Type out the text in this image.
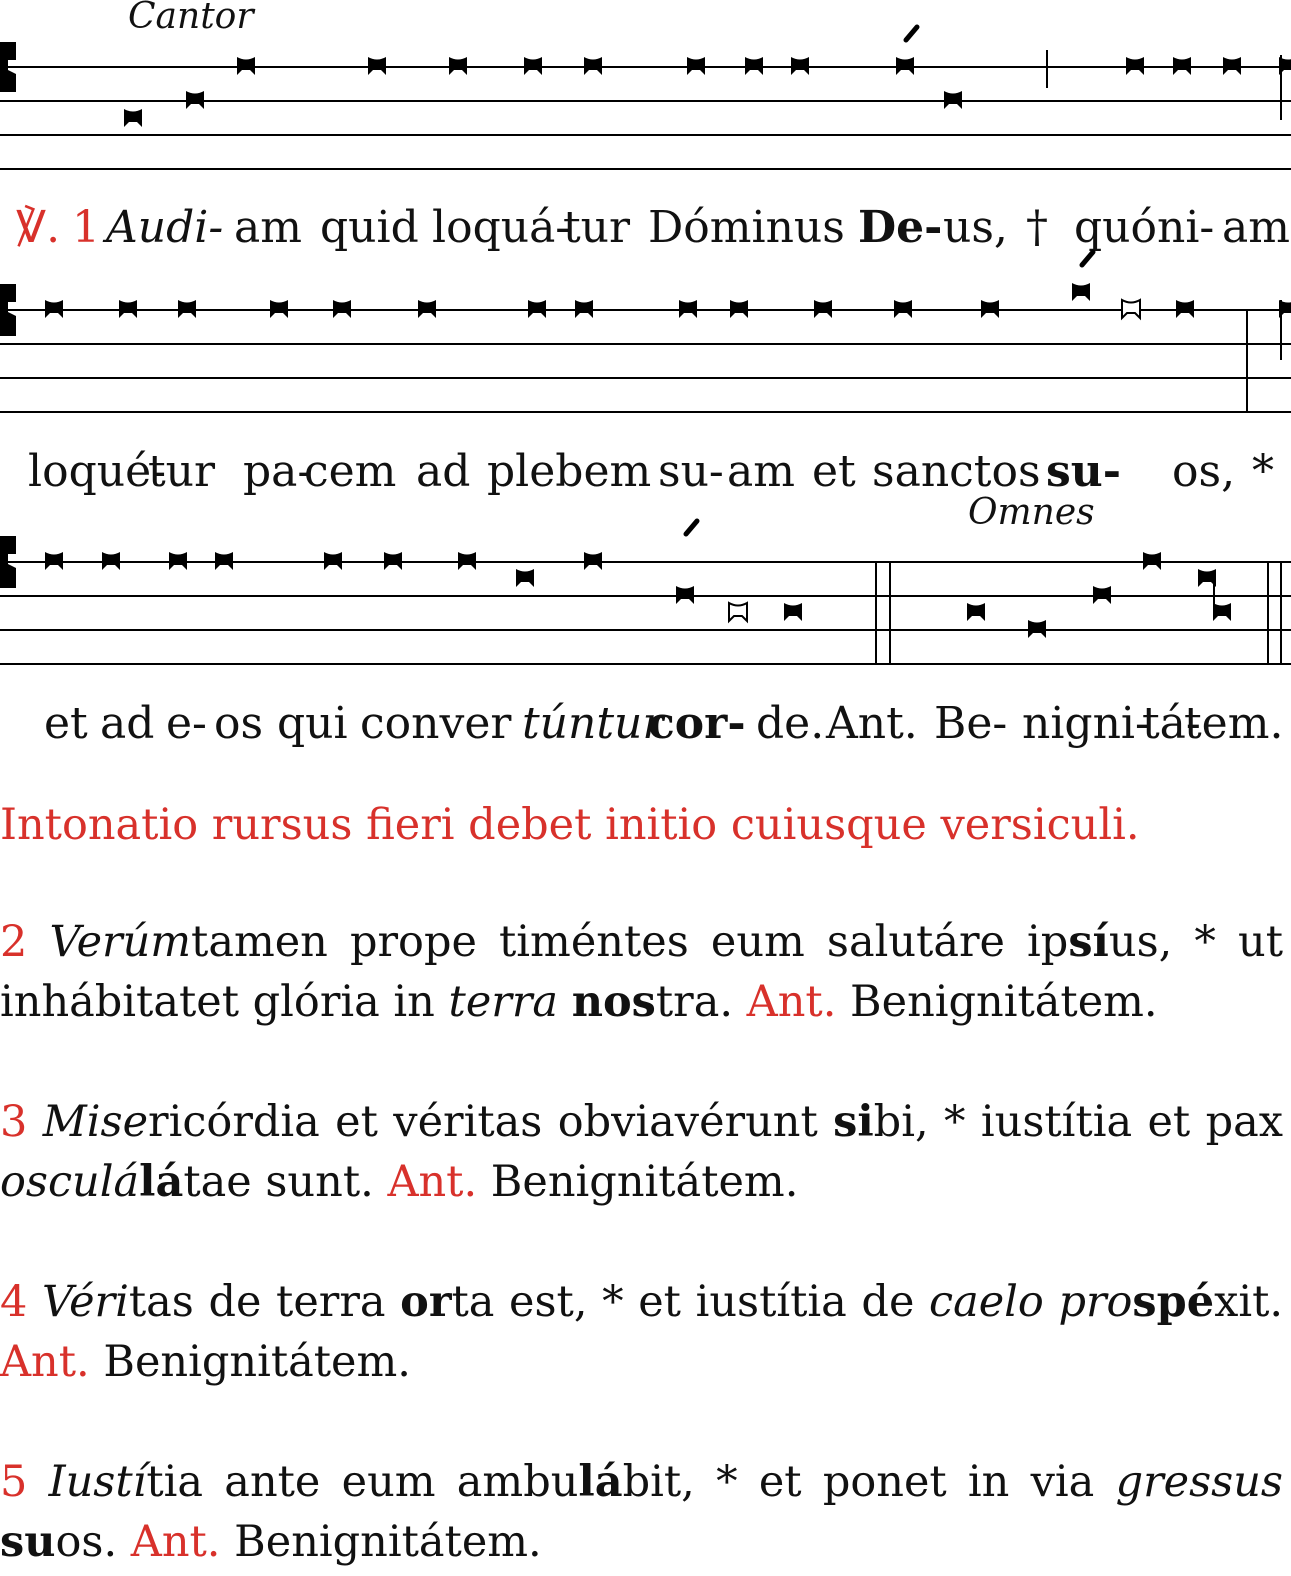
Cantor
℣. 1 Audi- am quid loquá-
tur Dóminus De- us, † quóni- am
loqué-
tur pa-
cem ad plebem su- am et sanctos su- os, *
Omnes
et ad e- os qui conver túntur
cor- de. Ant. Be- nigni-
tá-
tem.
Intonatio rursus fieri debet initio cuiusque versiculi.
2 Verúmtamen prope timéntes eum salutáre ipsíus, * ut inhábitatet glória in terra nostra. Ant. Benignitátem.
3 Misericórdia et véritas obviavérunt sibi, * iustítia et pax osculálátae sunt. Ant. Benignitátem.
4 Véritas de terra orta est, * et iustítia de caelo prospéxit. Ant. Benignitátem.
5 Iustítia ante eum ambulábit, * et ponet in via gressus suos. Ant. Benignitátem.
